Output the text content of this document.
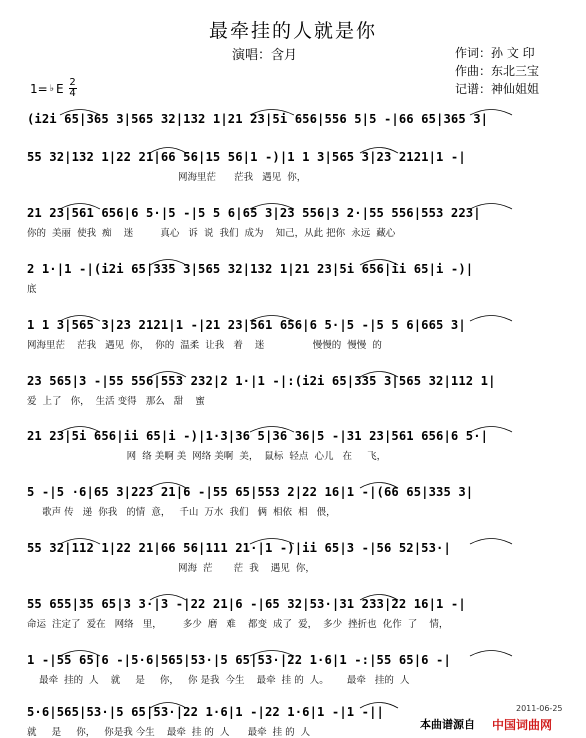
最牵挂的人就是你
演唱：含月	作词：孙 文 印
作曲：东北三宝
记谱：神仙姐姐
1= ♭ E 2
4
(i2i 65|365 3|565 32|132 1|21 23|5i 656|556 5|5 -|66 65|365 3|
55 32|132 1|22 21|66 56|15 56|1 -)|1 1 3|565 3|23 2121|1 -|
网海里茫      茫我   遇见  你，
21 23|561 656|6 5·|5 -|5 5 6|65 3|23 556|3 2·|55 556|553 223|
你的  美丽  使我  痴    迷         真心   诉  说  我们  成为    知己，从此 把你  永远  藏心
2 1·|1 -|(i2i 65|335 3|565 32|132 1|21 23|5i 656|ii 65|i -)|
底
1 1 3|565 3|23 2121|1 -|21 23|561 656|6 5·|5 -|5 5 6|665 3|
网海里茫    茫我   遇见  你，  你的  温柔  让我   着    迷                慢慢的  慢慢  的
23 565|3 -|55 556|553 232|2 1·|1 -|:(i2i 65|335 3|565 32|112 1|
爱  上了   你，  生活 变得   那么   甜    蜜
21 23|5i 656|ii 65|i -)|1·3|36 5|36 36|5 -|31 23|561 656|6 5·|
网  络 美啊 美  网络 美啊  美，  鼠标  轻点  心儿   在     飞，
5 -|5 ·6|65 3|223 21|6 -|55 65|553 2|22 16|1 -|(66 65|335 3|
歌声 传   递  你我   的情  意，   千山  万水  我们   俩  相依  相   偎，
55 32|112 1|22 21|66 56|111 21·|1 -)|ii 65|3 -|56 52|53·|
网海  茫       茫  我    遇见  你，
55 655|35 65|3 3·|3 -|22 21|6 -|65 32|53·|31 233|22 16|1 -|
命运  注定了  爱在   网络   里，       多少  磨   难    都变  成了  爱，  多少  挫折也  化作  了    情，
1 -|55 65|6 -|5·6|565|53·|5 65|53·|22 1·6|1 -:|55 65|6 -|
最牵  挂的  人    就     是     你，   你 是我  今生    最牵  挂 的  人。      最牵   挂的  人
5·6|565|53·|5 65|53·|22 1·6|1 -|22 1·6|1 -|1 -||
就     是     你，   你是我 今生    最牵  挂 的  人      最牵  挂 的  人
2011-06-25
本曲谱源自 中国词曲网
